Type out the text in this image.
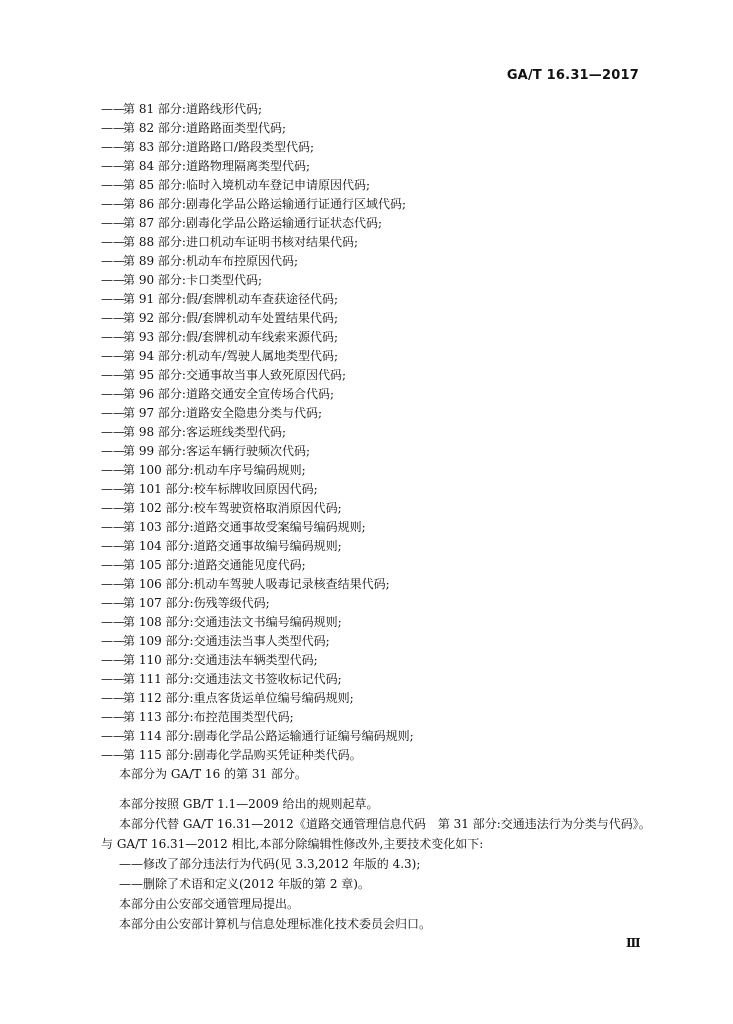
GA/T 16.31—2017
——第 81 部分:道路线形代码;
——第 82 部分:道路路面类型代码;
——第 83 部分:道路路口/路段类型代码;
——第 84 部分:道路物理隔离类型代码;
——第 85 部分:临时入境机动车登记申请原因代码;
——第 86 部分:剧毒化学品公路运输通行证通行区域代码;
——第 87 部分:剧毒化学品公路运输通行证状态代码;
——第 88 部分:进口机动车证明书核对结果代码;
——第 89 部分:机动车布控原因代码;
——第 90 部分:卡口类型代码;
——第 91 部分:假/套牌机动车查获途径代码;
——第 92 部分:假/套牌机动车处置结果代码;
——第 93 部分:假/套牌机动车线索来源代码;
——第 94 部分:机动车/驾驶人属地类型代码;
——第 95 部分:交通事故当事人致死原因代码;
——第 96 部分:道路交通安全宣传场合代码;
——第 97 部分:道路安全隐患分类与代码;
——第 98 部分:客运班线类型代码;
——第 99 部分:客运车辆行驶频次代码;
——第 100 部分:机动车序号编码规则;
——第 101 部分:校车标牌收回原因代码;
——第 102 部分:校车驾驶资格取消原因代码;
——第 103 部分:道路交通事故受案编号编码规则;
——第 104 部分:道路交通事故编号编码规则;
——第 105 部分:道路交通能见度代码;
——第 106 部分:机动车驾驶人吸毒记录核查结果代码;
——第 107 部分:伤残等级代码;
——第 108 部分:交通违法文书编号编码规则;
——第 109 部分:交通违法当事人类型代码;
——第 110 部分:交通违法车辆类型代码;
——第 111 部分:交通违法文书签收标记代码;
——第 112 部分:重点客货运单位编号编码规则;
——第 113 部分:布控范围类型代码;
——第 114 部分:剧毒化学品公路运输通行证编号编码规则;
——第 115 部分:剧毒化学品购买凭证种类代码。
本部分为 GA/T 16 的第 31 部分。
本部分按照 GB/T 1.1—2009 给出的规则起草。
本部分代替 GA/T 16.31—2012《道路交通管理信息代码　第 31 部分:交通违法行为分类与代码》。
与 GA/T 16.31—2012 相比,本部分除编辑性修改外,主要技术变化如下:
——修改了部分违法行为代码(见 3.3,2012 年版的 4.3);
——删除了术语和定义(2012 年版的第 2 章)。
本部分由公安部交通管理局提出。
本部分由公安部计算机与信息处理标准化技术委员会归口。
Ⅲ
